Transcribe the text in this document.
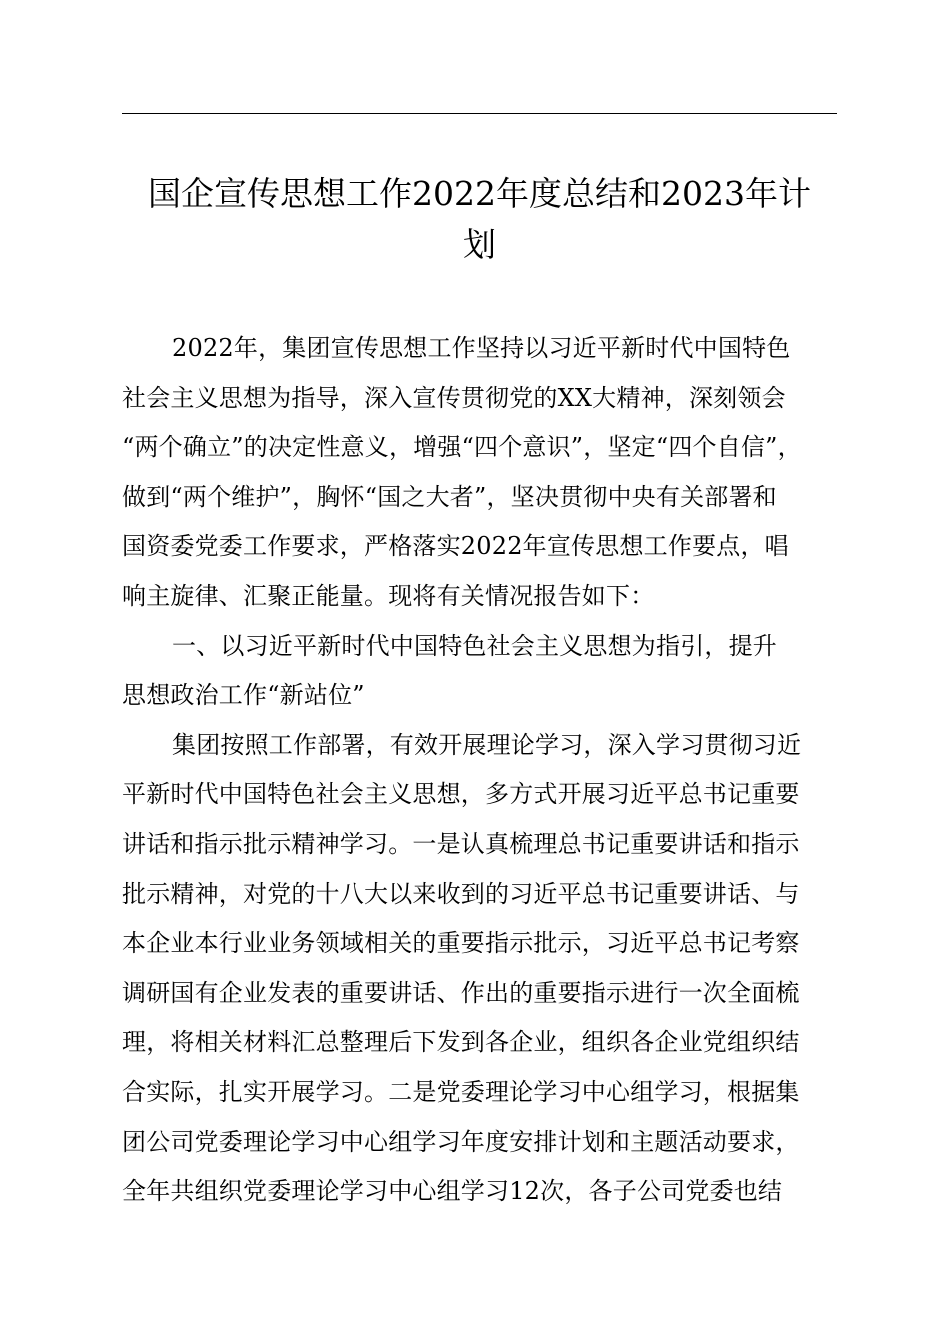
国企宣传思想工作2022年度总结和2023年计
划

2022年，集团宣传思想工作坚持以习近平新时代中国特色
社会主义思想为指导，深入宣传贯彻党的XX大精神，深刻领会
“两个确立”的决定性意义，增强“四个意识”，坚定“四个自信”，
做到“两个维护”，胸怀“国之大者”，坚决贯彻中央有关部署和
国资委党委工作要求，严格落实2022年宣传思想工作要点，唱
响主旋律、汇聚正能量。现将有关情况报告如下：

一、以习近平新时代中国特色社会主义思想为指引，提升
思想政治工作“新站位”

集团按照工作部署，有效开展理论学习，深入学习贯彻习近
平新时代中国特色社会主义思想，多方式开展习近平总书记重要
讲话和指示批示精神学习。一是认真梳理总书记重要讲话和指示
批示精神，对党的十八大以来收到的习近平总书记重要讲话、与
本企业本行业业务领域相关的重要指示批示，习近平总书记考察
调研国有企业发表的重要讲话、作出的重要指示进行一次全面梳
理，将相关材料汇总整理后下发到各企业，组织各企业党组织结
合实际，扎实开展学习。二是党委理论学习中心组学习，根据集
团公司党委理论学习中心组学习年度安排计划和主题活动要求，
全年共组织党委理论学习中心组学习12次，各子公司党委也结
